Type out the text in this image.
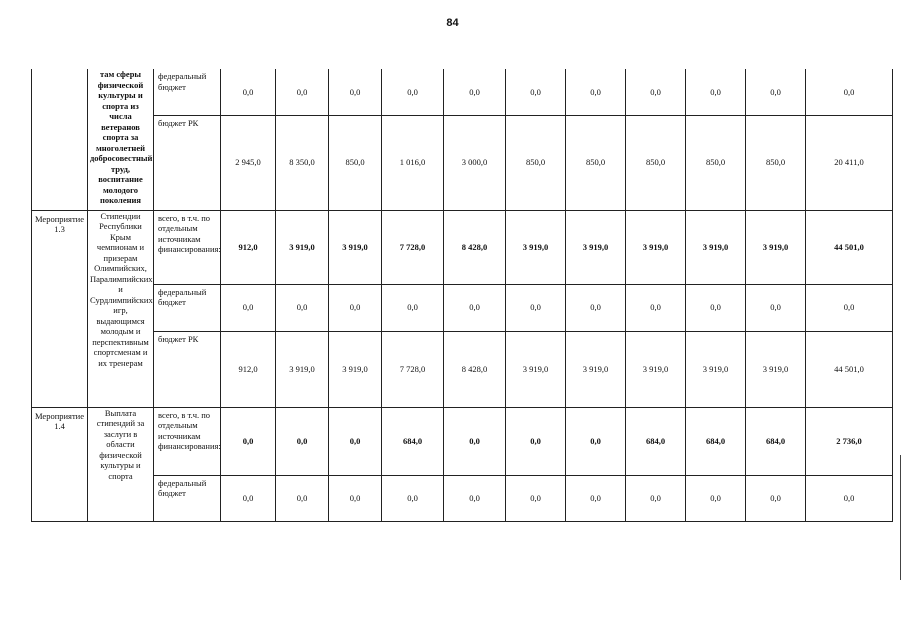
84
	там сферы физической культуры и спорта из числа ветеранов спорта за многолетней добросовестный труд, воспитание молодого поколения	федеральный бюджет	0,0	0,0	0,0	0,0	0,0	0,0	0,0	0,0	0,0	0,0	0,0
		бюджет РК	2 945,0	8 350,0	850,0	1 016,0	3 000,0	850,0	850,0	850,0	850,0	850,0	20 411,0
Мероприятие 1.3	Стипендии Республики Крым чемпионам и призерам Олимпийских, Паралимпийских и Сурдлимпийских игр, выдающимся молодым и перспективным спортсменам и их тренерам	всего, в т.ч. по отдельным источникам финансирования:	912,0	3 919,0	3 919,0	7 728,0	8 428,0	3 919,0	3 919,0	3 919,0	3 919,0	3 919,0	44 501,0
		федеральный бюджет	0,0	0,0	0,0	0,0	0,0	0,0	0,0	0,0	0,0	0,0	0,0
		бюджет РК	912,0	3 919,0	3 919,0	7 728,0	8 428,0	3 919,0	3 919,0	3 919,0	3 919,0	3 919,0	44 501,0
Мероприятие 1.4	Выплата стипендий за заслуги в области физической культуры и спорта	всего, в т.ч. по отдельным источникам финансирования:	0,0	0,0	0,0	684,0	0,0	0,0	0,0	684,0	684,0	684,0	2 736,0
		федеральный бюджет	0,0	0,0	0,0	0,0	0,0	0,0	0,0	0,0	0,0	0,0	0,0
